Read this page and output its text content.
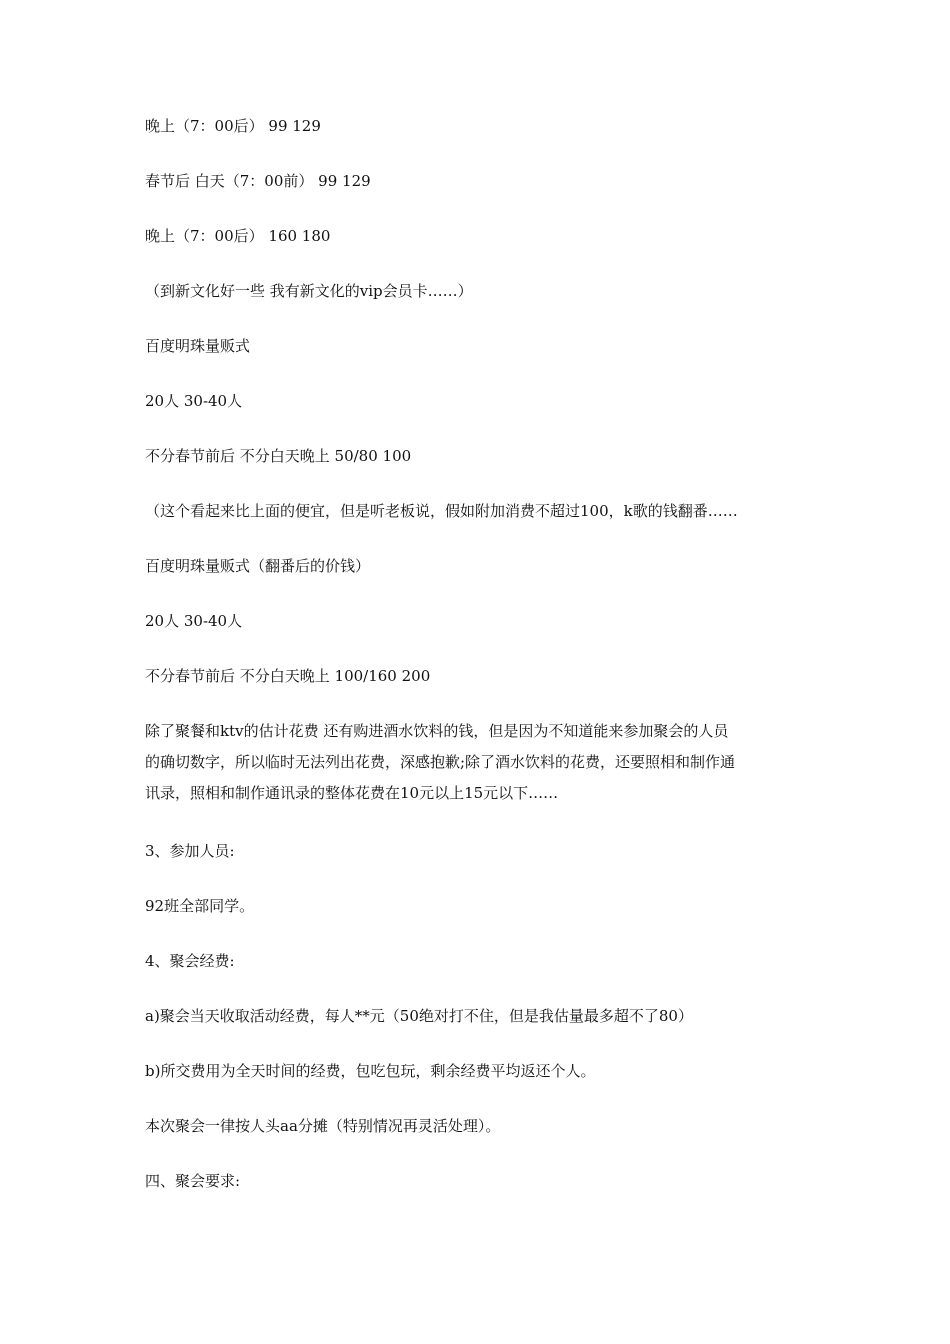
晚上（7：00后） 99 129
春节后 白天（7：00前） 99 129
晚上（7：00后） 160 180
（到新文化好一些 我有新文化的vip会员卡……）
百度明珠量贩式
20人 30-40人
不分春节前后 不分白天晚上 50/80 100
（这个看起来比上面的便宜，但是听老板说，假如附加消费不超过100，k歌的钱翻番……
百度明珠量贩式（翻番后的价钱）
20人 30-40人
不分春节前后 不分白天晚上 100/160 200
除了聚餐和ktv的估计花费 还有购进酒水饮料的钱，但是因为不知道能来参加聚会的人员
的确切数字，所以临时无法列出花费，深感抱歉;除了酒水饮料的花费，还要照相和制作通
讯录，照相和制作通讯录的整体花费在10元以上15元以下……
3、参加人员:
92班全部同学。
4、聚会经费:
a)聚会当天收取活动经费，每人**元（50绝对打不住，但是我估量最多超不了80）
b)所交费用为全天时间的经费，包吃包玩，剩余经费平均返还个人。
本次聚会一律按人头aa分摊（特别情况再灵活处理）。
四、聚会要求:
